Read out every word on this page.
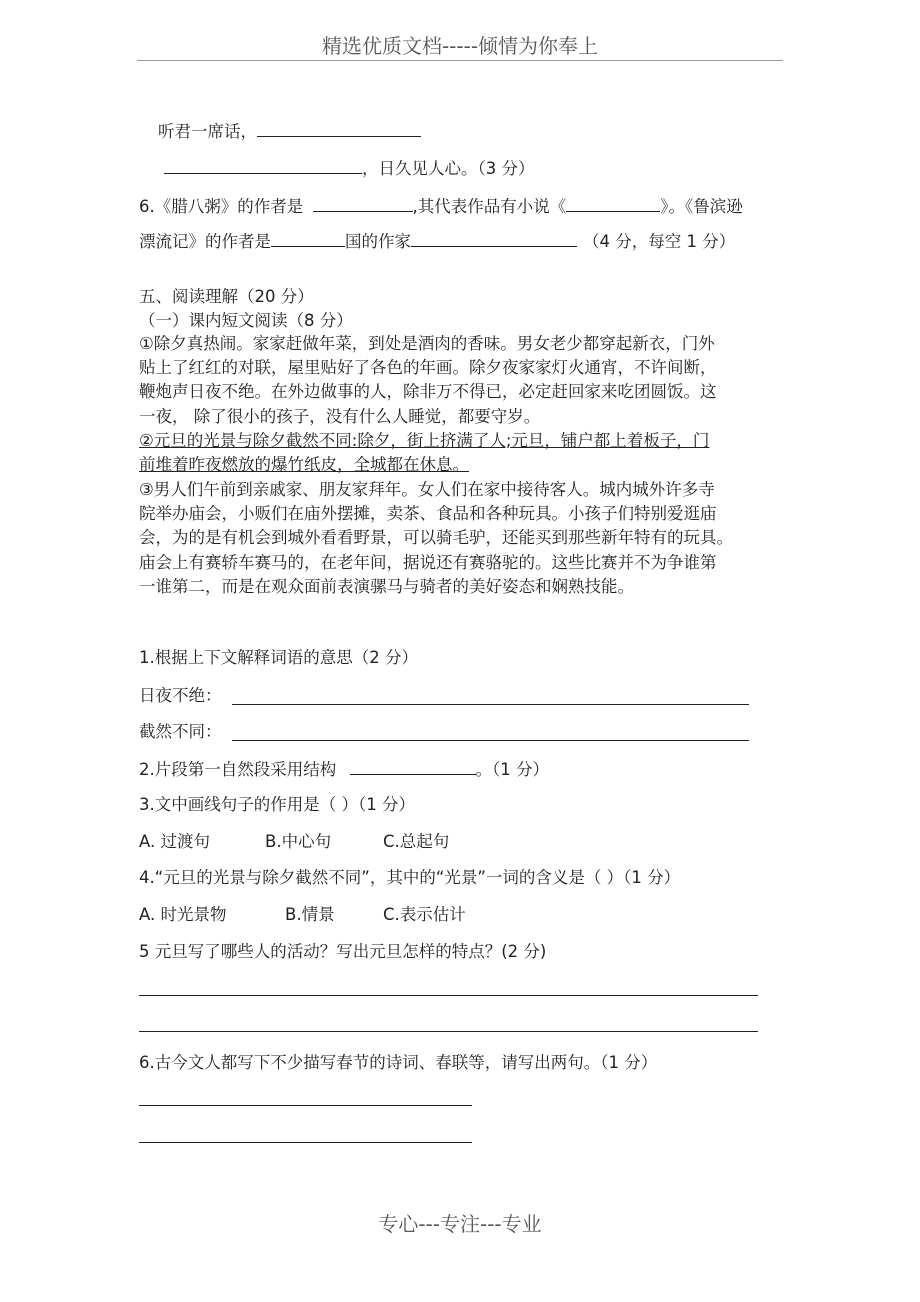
精选优质文档-----倾情为你奉上
听君一席话，
，日久见人心。（3 分）
6.《腊八粥》的作者是	,其代表作品有小说《	》。《鲁滨逊
漂流记》的作者是	国的作家	（4 分，每空 1 分）
五、阅读理解（20 分）
（一）课内短文阅读（8 分）
①除夕真热闹。家家赶做年菜，到处是酒肉的香味。男女老少都穿起新衣，门外
贴上了红红的对联，屋里贴好了各色的年画。除夕夜家家灯火通宵，不许间断，
鞭炮声日夜不绝。在外边做事的人，除非万不得已，必定赶回家来吃团圆饭。这
一夜， 除了很小的孩子，没有什么人睡觉，都要守岁。
②元旦的光景与除夕截然不同:除夕，街上挤满了人;元旦，铺户都上着板子，门
前堆着昨夜燃放的爆竹纸皮，全城都在休息。
③男人们午前到亲戚家、朋友家拜年。女人们在家中接待客人。城内城外许多寺
院举办庙会，小贩们在庙外摆摊，卖茶、食品和各种玩具。小孩子们特别爱逛庙
会，为的是有机会到城外看看野景，可以骑毛驴，还能买到那些新年特有的玩具。
庙会上有赛轿车赛马的，在老年间，据说还有赛骆驼的。这些比赛并不为争谁第
一谁第二，而是在观众面前表演骡马与骑者的美好姿态和娴熟技能。
1.根据上下文解释词语的意思（2 分）
日夜不绝：
截然不同：
2.片段第一自然段采用结构	。（1 分）
3.文中画线句子的作用是（ ）（1 分）
A. 过渡句	B.中心句	C.总起句
4.“元旦的光景与除夕截然不同”，其中的“光景”一词的含义是（ ）（1 分）
A. 时光景物	B.情景	C.表示估计
5 元旦写了哪些人的活动？写出元旦怎样的特点？(2 分)
6.古今文人都写下不少描写春节的诗词、春联等，请写出两句。（1 分）
专心---专注---专业
